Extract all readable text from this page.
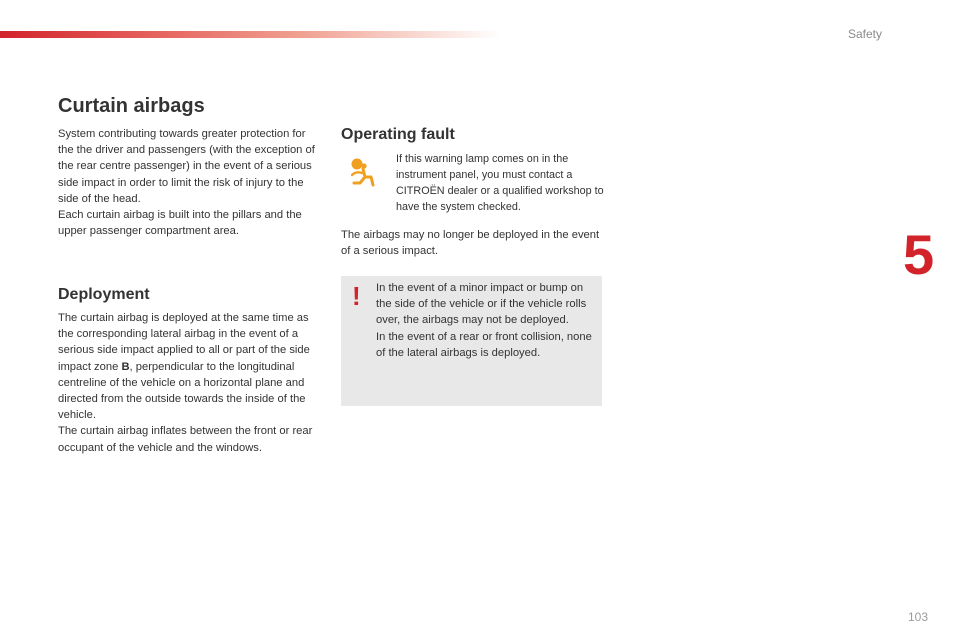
Safety
5
Curtain airbags

System contributing towards greater protection for the the driver and passengers (with the exception of the rear centre passenger) in the event of a serious side impact in order to limit the risk of injury to the side of the head.

Each curtain airbag is built into the pillars and the upper passenger compartment area.

Deployment

The curtain airbag is deployed at the same time as the corresponding lateral airbag in the event of a serious side impact applied to all or part of the side impact zone B, perpendicular to the longitudinal centreline of the vehicle on a horizontal plane and directed from the outside towards the inside of the vehicle.

The curtain airbag inflates between the front or rear occupant of the vehicle and the windows.

Operating fault
If this warning lamp comes on in the instrument panel, you must contact a CITROËN dealer or a qualified workshop to have the system checked.
The airbags may no longer be deployed in the event of a serious impact.
! In the event of a minor impact or bump on the side of the vehicle or if the vehicle rolls over, the airbags may not be deployed.

In the event of a rear or front collision, none of the lateral airbags is deployed.

103
